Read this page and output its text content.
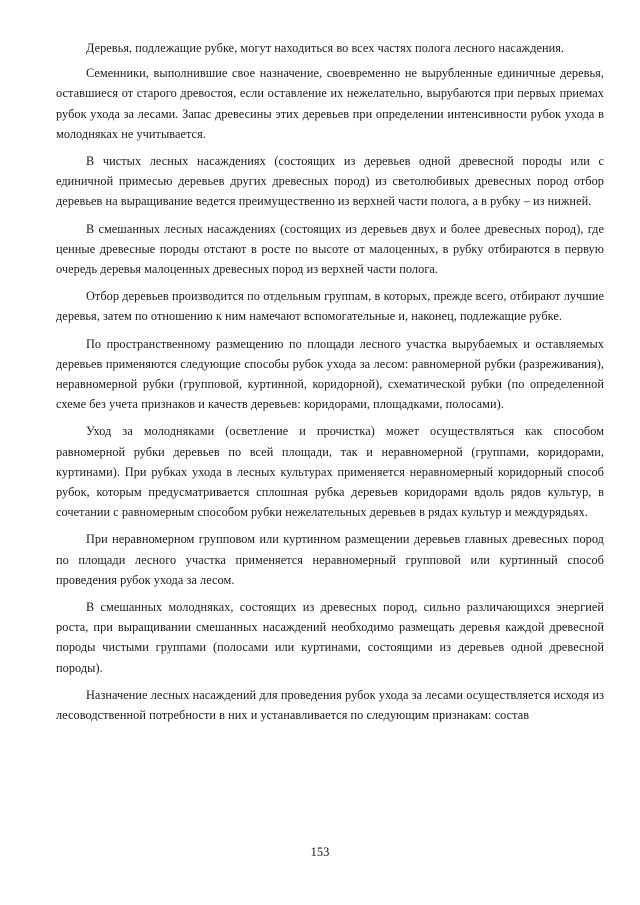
Деревья, подлежащие рубке, могут находиться во всех частях полога лесного насаждения.

Семенники, выполнившие свое назначение, своевременно не вырубленные единичные деревья, оставшиеся от старого древостоя, если оставление их нежелательно, вырубаются при первых приемах рубок ухода за лесами. Запас древесины этих деревьев при определении интенсивности рубок ухода в молодняках не учитывается.

В чистых лесных насаждениях (состоящих из деревьев одной древесной породы или с единичной примесью деревьев других древесных пород) из светолюбивых древесных пород отбор деревьев на выращивание ведется преимущественно из верхней части полога, а в рубку – из нижней.

В смешанных лесных насаждениях (состоящих из деревьев двух и более древесных пород), где ценные древесные породы отстают в росте по высоте от малоценных, в рубку отбираются в первую очередь деревья малоценных древесных пород из верхней части полога.

Отбор деревьев производится по отдельным группам, в которых, прежде всего, отбирают лучшие деревья, затем по отношению к ним намечают вспомогательные и, наконец, подлежащие рубке.

По пространственному размещению по площади лесного участка вырубаемых и оставляемых деревьев применяются следующие способы рубок ухода за лесом: равномерной рубки (разреживания), неравномерной рубки (групповой, куртинной, коридорной), схематической рубки (по определенной схеме без учета признаков и качеств деревьев: коридорами, площадками, полосами).

Уход за молодняками (осветление и прочистка) может осуществляться как способом равномерной рубки деревьев по всей площади, так и неравномерной (группами, коридорами, куртинами). При рубках ухода в лесных культурах применяется неравномерный коридорный способ рубок, которым предусматривается сплошная рубка деревьев коридорами вдоль рядов культур, в сочетании с равномерным способом рубки нежелательных деревьев в рядах культур и междурядьях.

При неравномерном групповом или куртинном размещении деревьев главных древесных пород по площади лесного участка применяется неравномерный групповой или куртинный способ проведения рубок ухода за лесом.

В смешанных молодняках, состоящих из древесных пород, сильно различающихся энергией роста, при выращивании смешанных насаждений необходимо размещать деревья каждой древесной породы чистыми группами (полосами или куртинами, состоящими из деревьев одной древесной породы).

Назначение лесных насаждений для проведения рубок ухода за лесами осуществляется исходя из лесоводственной потребности в них и устанавливается по следующим признакам: состав

153
